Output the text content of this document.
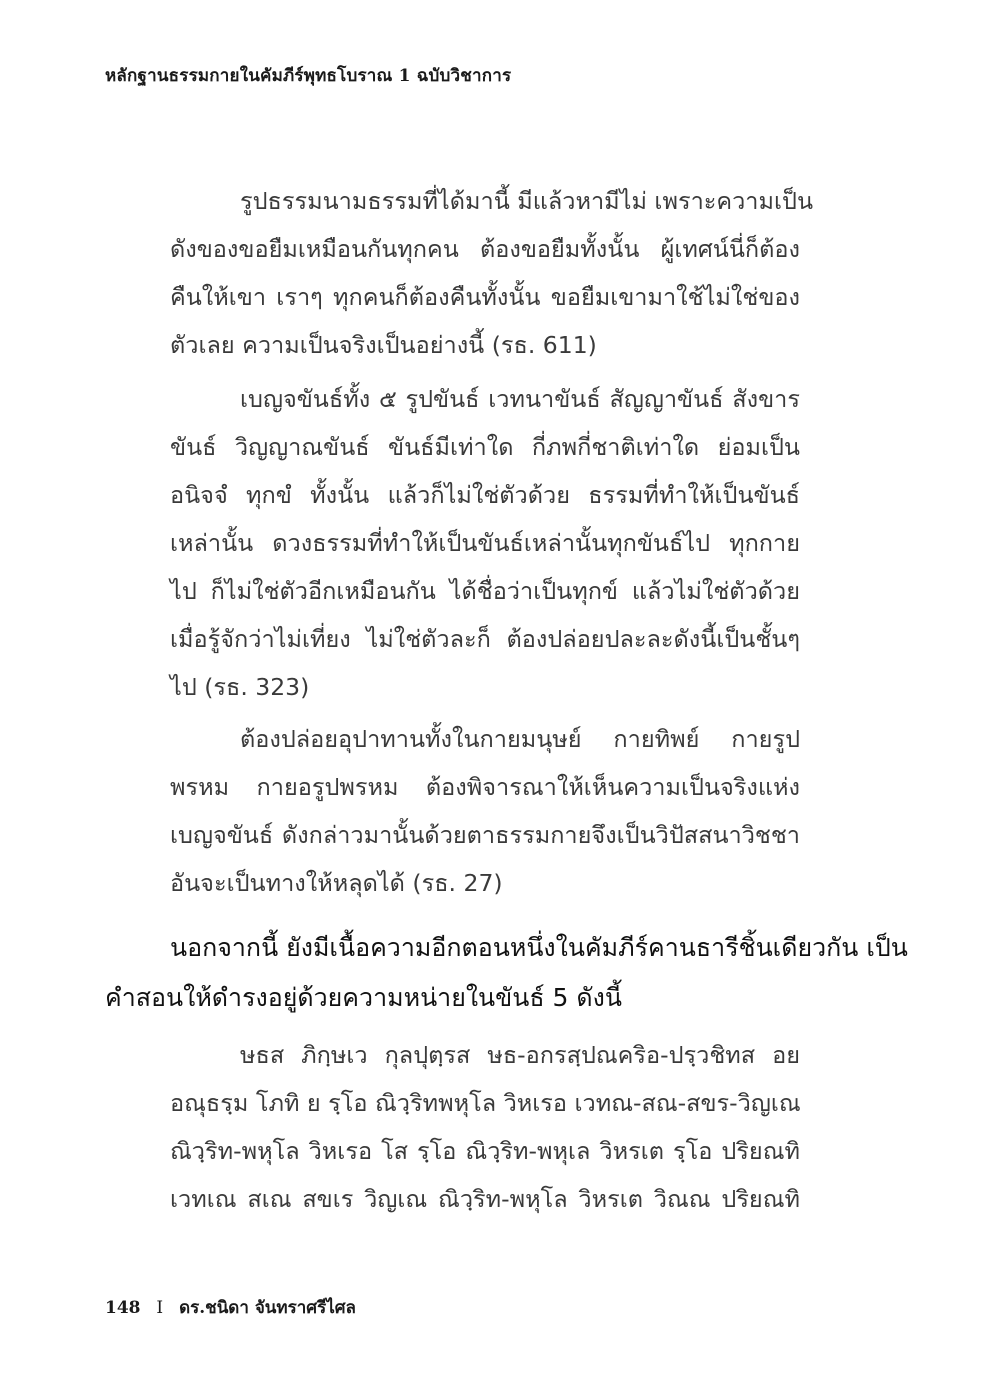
หลักฐานธรรมกายในคัมภีร์พุทธโบราณ 1 ฉบับวิชาการ
รูปธรรมนามธรรมที่ได้มานี้ มีแล้วหามีไม่ เพราะความเป็น
ดังของขอยืมเหมือนกันทุกคน ต้องขอยืมทั้งนั้น ผู้เทศน์นี่ก็ต้อง
คืนให้เขา เราๆ ทุกคนก็ต้องคืนทั้งนั้น ขอยืมเขามาใช้ไม่ใช่ของ
ตัวเลย ความเป็นจริงเป็นอย่างนี้ (รธ. 611)
เบญจขันธ์ทั้ง ๕ รูปขันธ์ เวทนาขันธ์ สัญญาขันธ์ สังขาร
ขันธ์ วิญญาณขันธ์ ขันธ์มีเท่าใด กี่ภพกี่ชาติเท่าใด ย่อมเป็น
อนิจจํ ทุกขํ ทั้งนั้น แล้วก็ไม่ใช่ตัวด้วย ธรรมที่ทำให้เป็นขันธ์
เหล่านั้น ดวงธรรมที่ทำให้เป็นขันธ์เหล่านั้นทุกขันธ์ไป ทุกกาย
ไป ก็ไม่ใช่ตัวอีกเหมือนกัน ได้ชื่อว่าเป็นทุกข์ แล้วไม่ใช่ตัวด้วย
เมื่อรู้จักว่าไม่เที่ยง ไม่ใช่ตัวละก็ ต้องปล่อยปละละดังนี้เป็นชั้นๆ
ไป (รธ. 323)
ต้องปล่อยอุปาทานทั้งในกายมนุษย์ กายทิพย์ กายรูป
พรหม กายอรูปพรหม ต้องพิจารณาให้เห็นความเป็นจริงแห่ง
เบญจขันธ์ ดังกล่าวมานั้นด้วยตาธรรมกายจึงเป็นวิปัสสนาวิชชา
อันจะเป็นทางให้หลุดได้ (รธ. 27)
นอกจากนี้ ยังมีเนื้อความอีกตอนหนึ่งในคัมภีร์คานธารีชิ้นเดียวกัน เป็น
คำสอนให้ดำรงอยู่ด้วยความหน่ายในขันธ์ 5 ดังนี้
ษธส ภิกฺษเว กุลปุตฺรส ษธ-อกรสฺปณคริอ-ปรฺวชิทส อย
อณุธรฺม โภทิ ย รฺโอ ณิวฺริทพหุโล วิหเรอ เวทณ-สณ-สขร-วิญเณ
ณิวฺริท-พหุโล วิหเรอ โส รฺโอ ณิวฺริท-พหุเล วิหรเต รฺโอ ปริยณทิ
เวทเณ สเณ สขเร วิญเณ ณิวฺริท-พหุโล วิหรเต วิณณ ปริยณทิ
148 I ดร.ชนิดา จันทราศรีไศล
